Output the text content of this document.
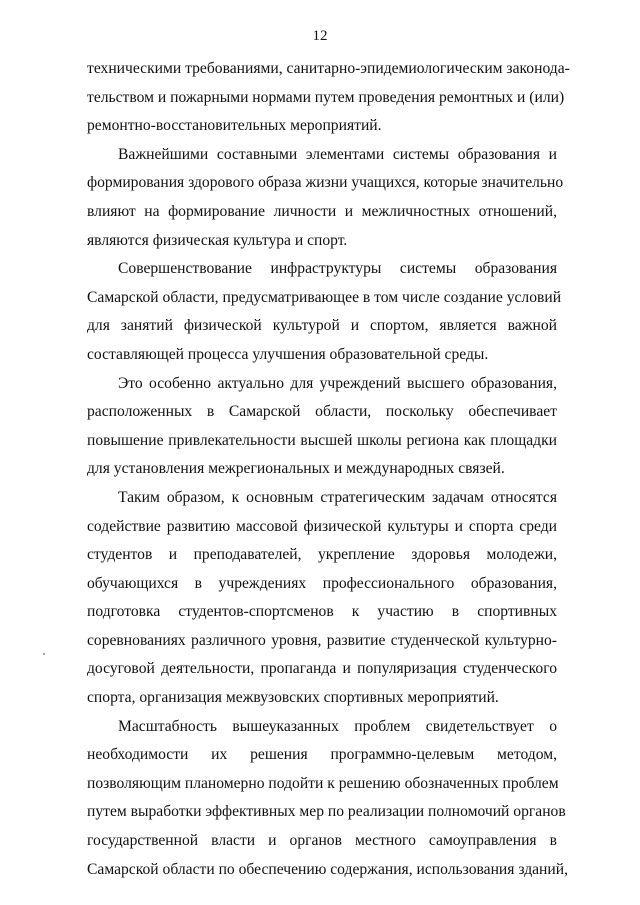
12

техническими требованиями, санитарно-эпидемиологическим законода-
тельством и пожарными нормами путем проведения ремонтных и (или)
ремонтно-восстановительных мероприятий.

Важнейшими составными элементами системы образования и
формирования здорового образа жизни учащихся, которые значительно
влияют на формирование личности и межличностных отношений,
являются физическая культура и спорт.

Совершенствование инфраструктуры системы образования
Самарской области, предусматривающее в том числе создание условий
для занятий физической культурой и спортом, является важной
составляющей процесса улучшения образовательной среды.

Это особенно актуально для учреждений высшего образования,
расположенных в Самарской области, поскольку обеспечивает
повышение привлекательности высшей школы региона как площадки
для установления межрегиональных и международных связей.

Таким образом, к основным стратегическим задачам относятся
содействие развитию массовой физической культуры и спорта среди
студентов и преподавателей, укрепление здоровья молодежи,
обучающихся в учреждениях профессионального образования,
подготовка студентов-спортсменов к участию в спортивных
соревнованиях различного уровня, развитие студенческой культурно-
досуговой деятельности, пропаганда и популяризация студенческого
спорта, организация межвузовских спортивных мероприятий.

Масштабность вышеуказанных проблем свидетельствует о
необходимости их решения программно-целевым методом,
позволяющим планомерно подойти к решению обозначенных проблем
путем выработки эффективных мер по реализации полномочий органов
государственной власти и органов местного самоуправления в
Самарской области по обеспечению содержания, использования зданий,
